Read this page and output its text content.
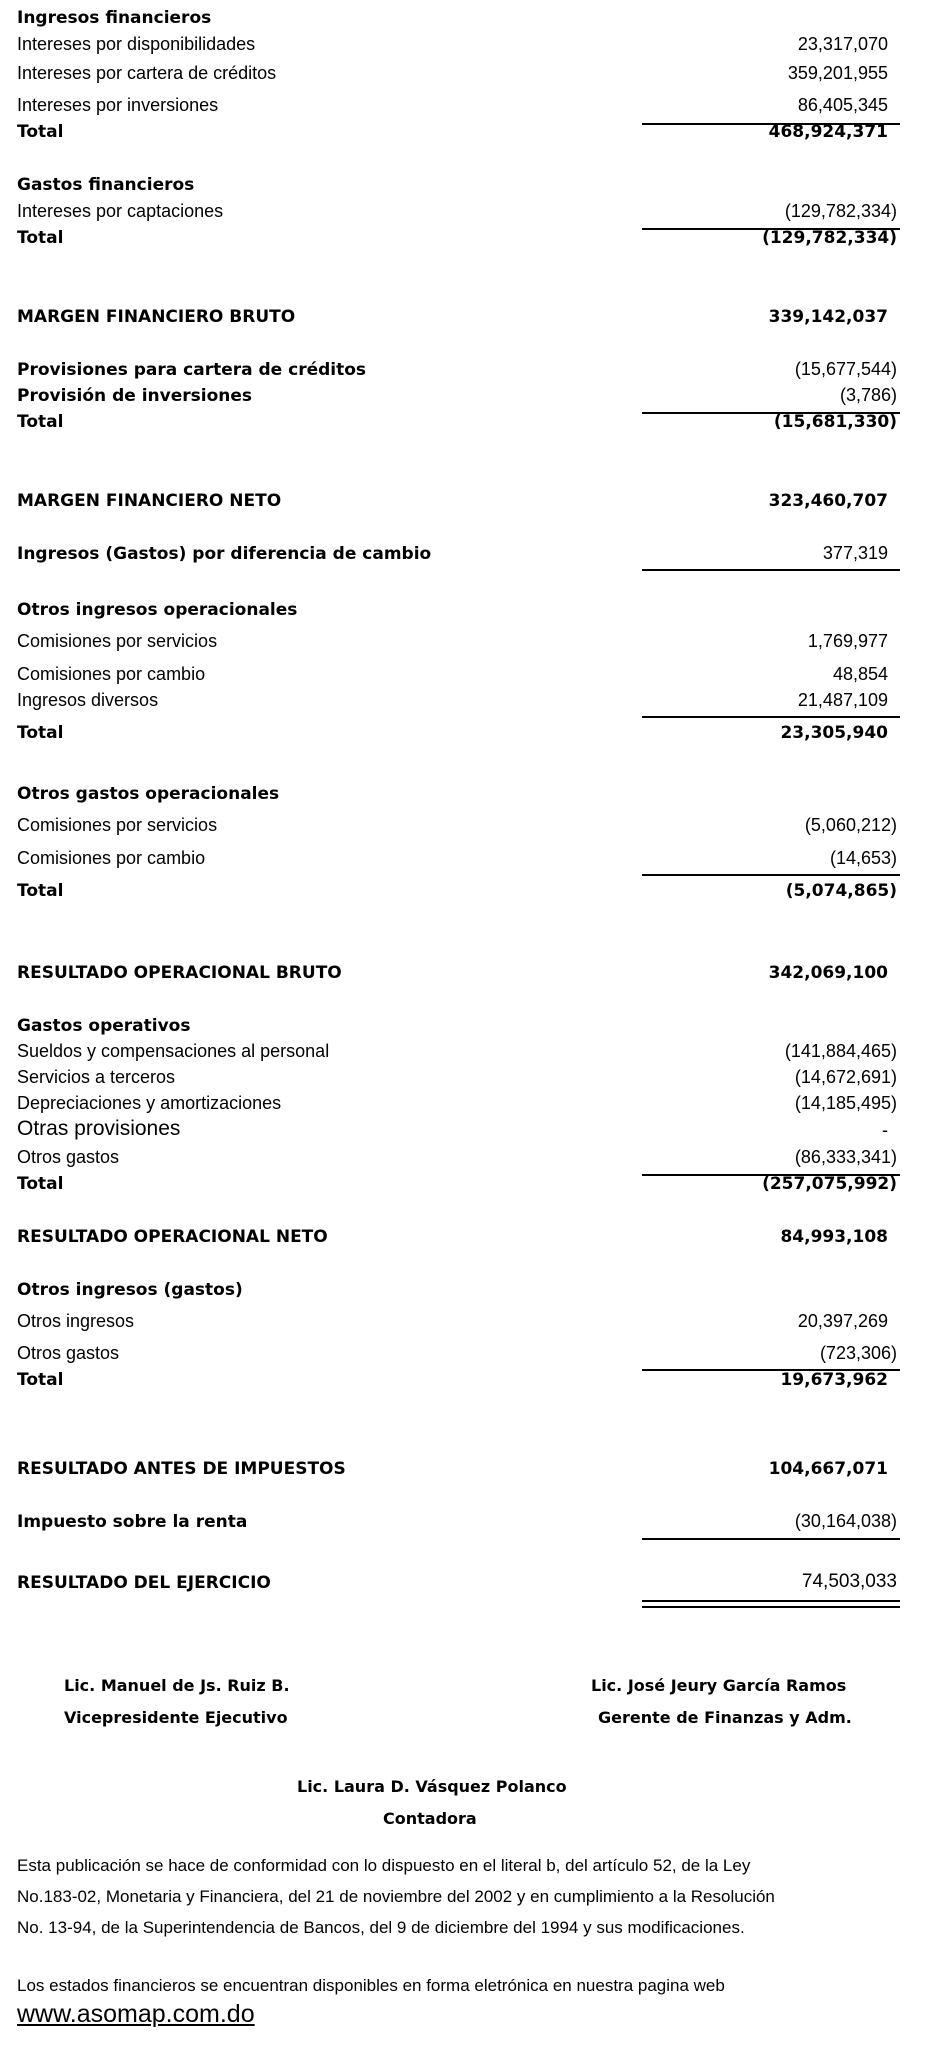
Ingresos financieros
Intereses por disponibilidades	23,317,070
Intereses por cartera de créditos	359,201,955
Intereses por inversiones	86,405,345
Total	468,924,371
Gastos financieros
Intereses por captaciones	(129,782,334)
Total	(129,782,334)
MARGEN FINANCIERO BRUTO	339,142,037
Provisiones para cartera de créditos	(15,677,544)
Provisión de inversiones	(3,786)
Total	(15,681,330)
MARGEN FINANCIERO NETO	323,460,707
Ingresos (Gastos) por diferencia de cambio	377,319
Otros ingresos operacionales
Comisiones por servicios	1,769,977
Comisiones por cambio	48,854
Ingresos diversos	21,487,109
Total	23,305,940
Otros gastos operacionales
Comisiones por servicios	(5,060,212)
Comisiones por cambio	(14,653)
Total	(5,074,865)
RESULTADO OPERACIONAL BRUTO	342,069,100
Gastos operativos
Sueldos y compensaciones al personal	(141,884,465)
Servicios a terceros	(14,672,691)
Depreciaciones y amortizaciones	(14,185,495)
Otras provisiones	-
Otros gastos	(86,333,341)
Total	(257,075,992)
RESULTADO OPERACIONAL NETO	84,993,108
Otros ingresos (gastos)
Otros ingresos	20,397,269
Otros gastos	(723,306)
Total	19,673,962
RESULTADO ANTES DE IMPUESTOS	104,667,071
Impuesto sobre la renta	(30,164,038)
RESULTADO DEL EJERCICIO	74,503,033
Lic. Manuel de Js. Ruiz B.
Vicepresidente Ejecutivo
Lic. José Jeury García Ramos
Gerente de Finanzas y Adm.
Lic. Laura D. Vásquez Polanco
Contadora
Esta publicación se hace de conformidad con lo dispuesto en el literal b, del artículo 52, de la Ley
No.183-02, Monetaria y Financiera, del 21 de noviembre del 2002 y en cumplimiento a la Resolución
No. 13-94, de la Superintendencia de Bancos, del 9 de diciembre del 1994 y sus modificaciones.
Los estados financieros se encuentran disponibles en forma eletrónica en nuestra pagina web
www.asomap.com.do
